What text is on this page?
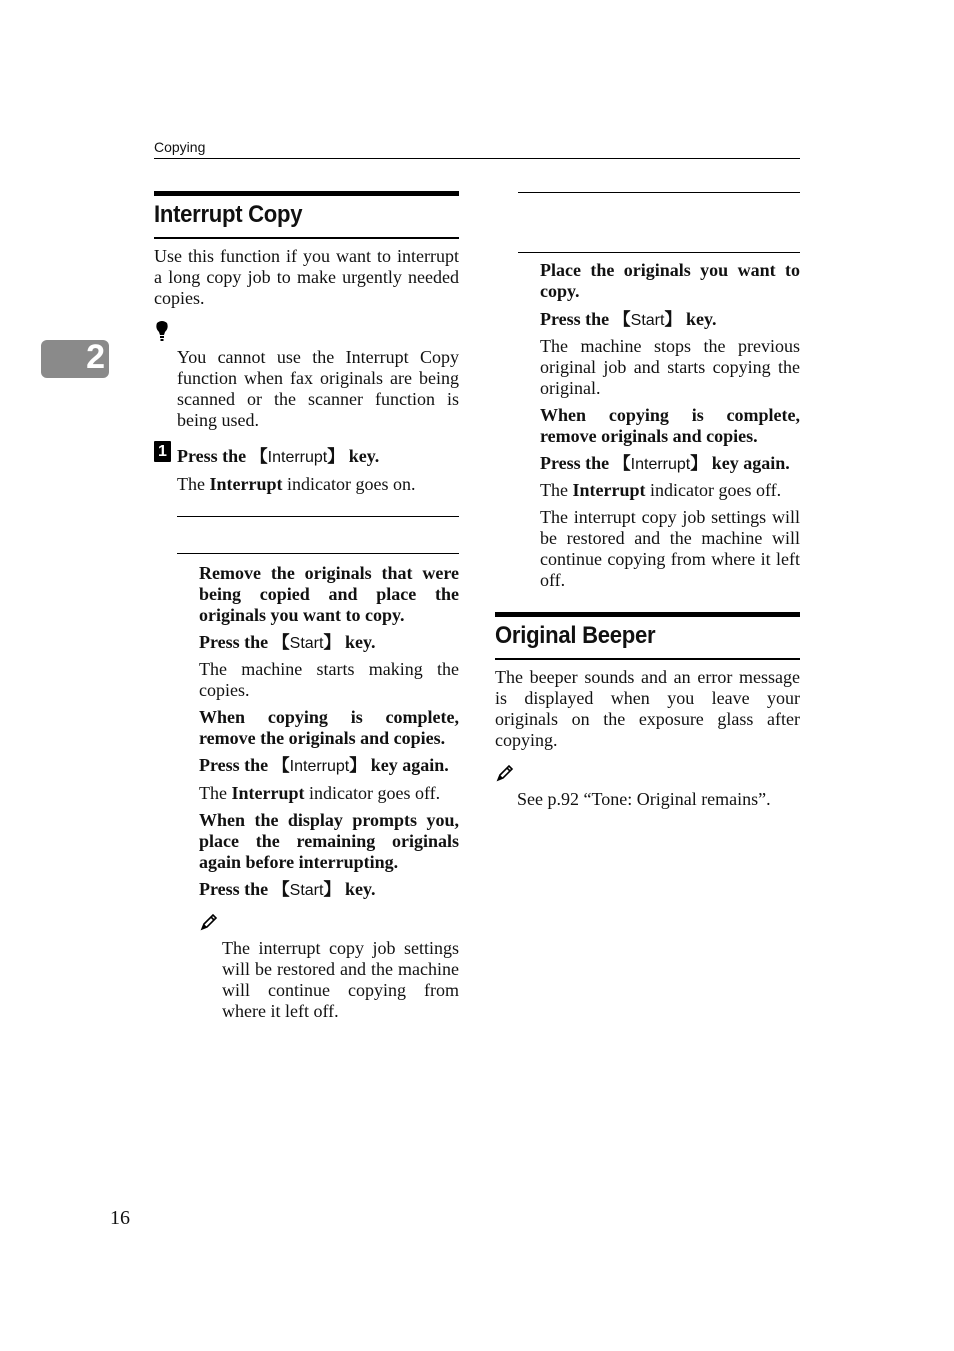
Copying
2
Interrupt Copy

Use this function if you want to interrupt a long copy job to make urgently needed copies.

You cannot use the Interrupt Copy function when fax originals are being scanned or the scanner function is being used.

1 Press the 【Interrupt】 key.

The Interrupt indicator goes on.

Remove the originals that were being copied and place the originals you want to copy.

Press the 【Start】 key.

The machine starts making the copies.

When copying is complete, remove the originals and copies.

Press the 【Interrupt】 key again.

The Interrupt indicator goes off.

When the display prompts you, place the remaining originals again before interrupting.

Press the 【Start】 key.

The interrupt copy job settings will be restored and the machine will continue copying from where it left off.

Place the originals you want to copy.

Press the 【Start】 key.

The machine stops the previous original job and starts copying the original.

When copying is complete, remove originals and copies.

Press the 【Interrupt】 key again.

The Interrupt indicator goes off.

The interrupt copy job settings will be restored and the machine will continue copying from where it left off.

Original Beeper

The beeper sounds and an error message is displayed when you leave your originals on the exposure glass after copying.

See p.92 “Tone: Original remains”.

16
